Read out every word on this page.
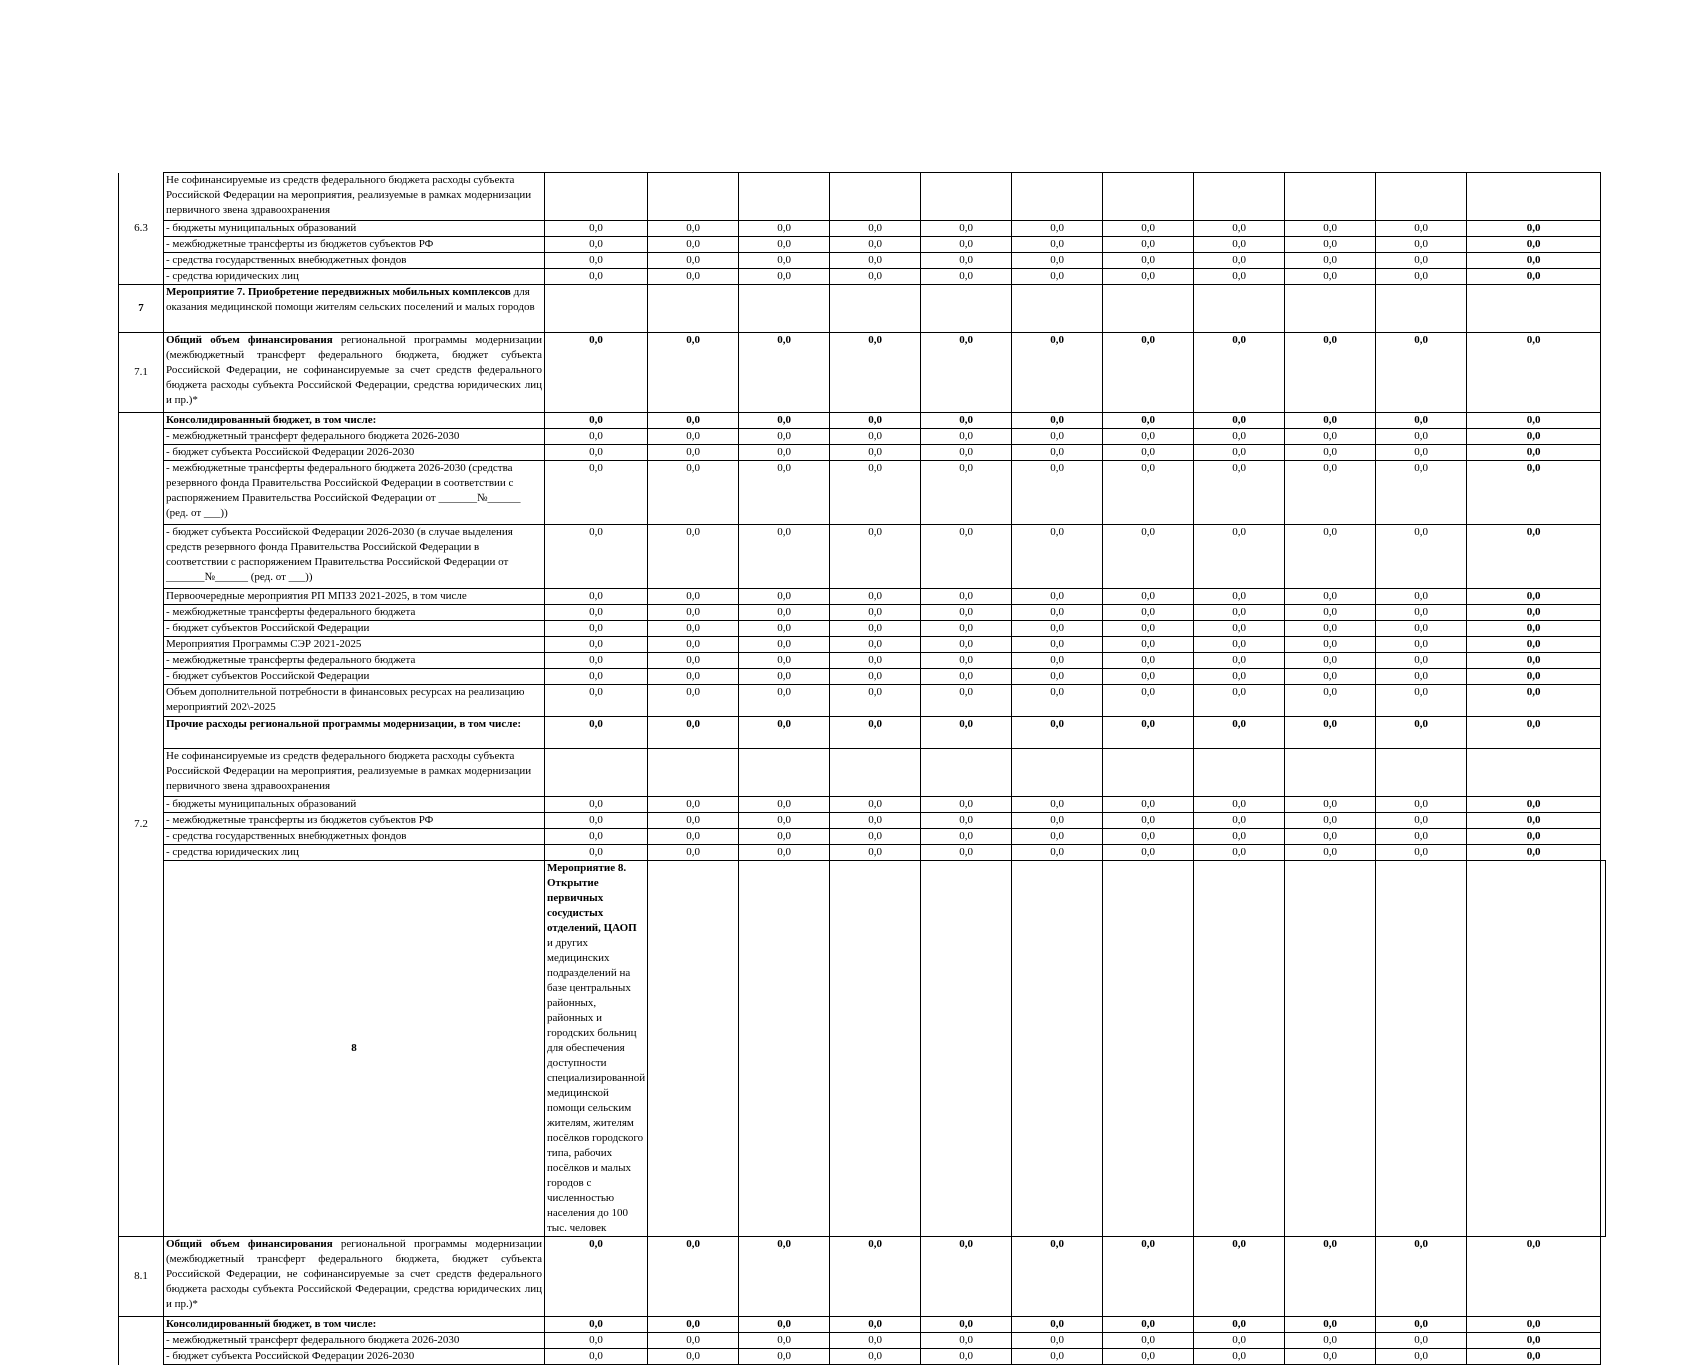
6.3	Не софинансируемые из средств федерального бюджета расходы субъекта Российской Федерации на мероприятия, реализуемые в рамках модернизации первичного звена здравоохранения												
	- бюджеты муниципальных образований	0,0	0,0	0,0	0,0	0,0	0,0	0,0	0,0	0,0	0,0	0,0	
	- межбюджетные трансферты из бюджетов субъектов РФ	0,0	0,0	0,0	0,0	0,0	0,0	0,0	0,0	0,0	0,0	0,0	
	- средства государственных внебюджетных фондов	0,0	0,0	0,0	0,0	0,0	0,0	0,0	0,0	0,0	0,0	0,0	
	- средства юридических лиц	0,0	0,0	0,0	0,0	0,0	0,0	0,0	0,0	0,0	0,0	0,0	
7	Мероприятие 7. Приобретение передвижных мобильных комплексов для оказания медицинской помощи жителям сельских поселений и малых городов												
7.1	Общий объем финансирования региональной программы модернизации (межбюджетный трансферт федерального бюджета, бюджет субъекта Российской Федерации, не софинансируемые за счет средств федерального бюджета расходы субъекта Российской Федерации, средства юридических лиц и пр.)*	0,0	0,0	0,0	0,0	0,0	0,0	0,0	0,0	0,0	0,0	0,0	
7.2	Консолидированный бюджет, в том числе:	0,0	0,0	0,0	0,0	0,0	0,0	0,0	0,0	0,0	0,0	0,0	
	- межбюджетный трансферт федерального бюджета 2026-2030	0,0	0,0	0,0	0,0	0,0	0,0	0,0	0,0	0,0	0,0	0,0	
	- бюджет субъекта Российской Федерации 2026-2030	0,0	0,0	0,0	0,0	0,0	0,0	0,0	0,0	0,0	0,0	0,0	
	- межбюджетные трансферты федерального бюджета 2026-2030 (средства резервного фонда Правительства Российской Федерации в соответствии с распоряжением Правительства Российской Федерации от _______№______ (ред. от ___))	0,0	0,0	0,0	0,0	0,0	0,0	0,0	0,0	0,0	0,0	0,0	
	- бюджет субъекта Российской Федерации 2026-2030 (в случае выделения средств резервного фонда Правительства Российской Федерации в соответствии с распоряжением Правительства Российской Федерации от _______№______ (ред. от ___))	0,0	0,0	0,0	0,0	0,0	0,0	0,0	0,0	0,0	0,0	0,0	
	Первоочередные мероприятия РП МПЗЗ 2021-2025, в том числе	0,0	0,0	0,0	0,0	0,0	0,0	0,0	0,0	0,0	0,0	0,0	
	- межбюджетные трансферты федерального бюджета	0,0	0,0	0,0	0,0	0,0	0,0	0,0	0,0	0,0	0,0	0,0	
	- бюджет субъектов Российской Федерации	0,0	0,0	0,0	0,0	0,0	0,0	0,0	0,0	0,0	0,0	0,0	
	Мероприятия Программы СЭР 2021-2025	0,0	0,0	0,0	0,0	0,0	0,0	0,0	0,0	0,0	0,0	0,0	
	- межбюджетные трансферты федерального бюджета	0,0	0,0	0,0	0,0	0,0	0,0	0,0	0,0	0,0	0,0	0,0	
	- бюджет субъектов Российской Федерации	0,0	0,0	0,0	0,0	0,0	0,0	0,0	0,0	0,0	0,0	0,0	
	Объем дополнительной потребности в финансовых ресурсах на реализацию мероприятий 202\-2025	0,0	0,0	0,0	0,0	0,0	0,0	0,0	0,0	0,0	0,0	0,0	
	Прочие расходы региональной программы модернизации, в том числе:	0,0	0,0	0,0	0,0	0,0	0,0	0,0	0,0	0,0	0,0	0,0	
	Не софинансируемые из средств федерального бюджета расходы субъекта Российской Федерации на мероприятия, реализуемые в рамках модернизации первичного звена здравоохранения												
	- бюджеты муниципальных образований	0,0	0,0	0,0	0,0	0,0	0,0	0,0	0,0	0,0	0,0	0,0	
	- межбюджетные трансферты из бюджетов субъектов РФ	0,0	0,0	0,0	0,0	0,0	0,0	0,0	0,0	0,0	0,0	0,0	
	- средства государственных внебюджетных фондов	0,0	0,0	0,0	0,0	0,0	0,0	0,0	0,0	0,0	0,0	0,0	
	- средства юридических лиц	0,0	0,0	0,0	0,0	0,0	0,0	0,0	0,0	0,0	0,0	0,0	
	8	Мероприятие 8. Открытие первичных сосудистых отделений, ЦАОП и других медицинских подразделений на базе центральных районных, районных и городских больниц для обеспечения доступности специализированной медицинской помощи сельским жителям, жителям посёлков городского типа, рабочих посёлков и малых городов с численностью населения до 100 тыс. человек											
8.1	Общий объем финансирования региональной программы модернизации (межбюджетный трансферт федерального бюджета, бюджет субъекта Российской Федерации, не софинансируемые за счет средств федерального бюджета расходы субъекта Российской Федерации, средства юридических лиц и пр.)*	0,0	0,0	0,0	0,0	0,0	0,0	0,0	0,0	0,0	0,0	0,0	
	Консолидированный бюджет, в том числе:	0,0	0,0	0,0	0,0	0,0	0,0	0,0	0,0	0,0	0,0	0,0	
	- межбюджетный трансферт федерального бюджета 2026-2030	0,0	0,0	0,0	0,0	0,0	0,0	0,0	0,0	0,0	0,0	0,0	
	- бюджет субъекта Российской Федерации 2026-2030	0,0	0,0	0,0	0,0	0,0	0,0	0,0	0,0	0,0	0,0	0,0	
